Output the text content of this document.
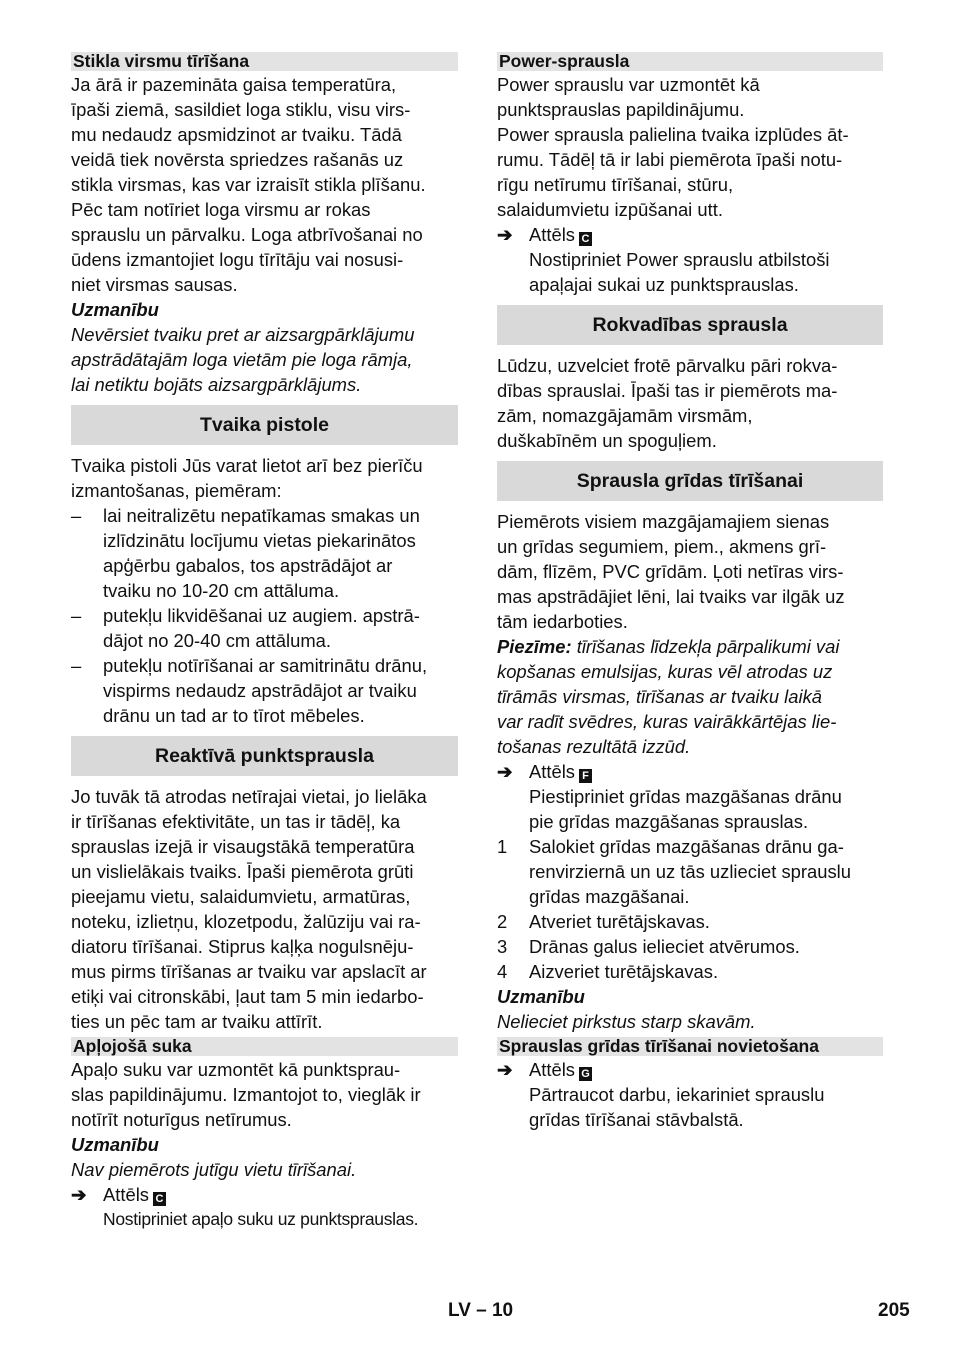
Stikla virsmu tīrīšana

Ja ārā ir pazemināta gaisa temperatūra,
īpaši ziemā, sasildiet loga stiklu, visu virs-
mu nedaudz apsmidzinot ar tvaiku. Tādā
veidā tiek novērsta spriedzes rašanās uz
stikla virsmas, kas var izraisīt stikla plīšanu.
Pēc tam notīriet loga virsmu ar rokas
sprauslu un pārvalku. Loga atbrīvošanai no
ūdens izmantojiet logu tīrītāju vai nosusi-
niet virsmas sausas.
Uzmanību
Nevērsiet tvaiku pret ar aizsargpārklājumu
apstrādātajām loga vietām pie loga rāmja,
lai netiktu bojāts aizsargpārklājums.
Tvaika pistole
Tvaika pistoli Jūs varat lietot arī bez pierīču
izmantošanas, piemēram:
–	lai neitralizētu nepatīkamas smakas un
izlīdzinātu locījumu vietas piekarinātos
apģērbu gabalos, tos apstrādājot ar
tvaiku no 10-20 cm attāluma.
–	putekļu likvidēšanai uz augiem. apstrā-
dājot no 20-40 cm attāluma.
–	putekļu notīrīšanai ar samitrinātu drānu,
vispirms nedaudz apstrādājot ar tvaiku
drānu un tad ar to tīrot mēbeles.
Reaktīvā punktsprausla
Jo tuvāk tā atrodas netīrajai vietai, jo lielāka
ir tīrīšanas efektivitāte, un tas ir tādēļ, ka
sprauslas izejā ir visaugstākā temperatūra
un vislielākais tvaiks. Īpaši piemērota grūti
pieejamu vietu, salaidumvietu, armatūras,
noteku, izlietņu, klozetpodu, žalūziju vai ra-
diatoru tīrīšanai. Stiprus kaļķa nogulsnēju-
mus pirms tīrīšanas ar tvaiku var apslacīt ar
etiķi vai citronskābi, ļaut tam 5 min iedarbo-
ties un pēc tam ar tvaiku attīrīt.

Apļojošā suka

Apaļo suku var uzmontēt kā punktsprau-
slas papildinājumu. Izmantojot to, vieglāk ir
notīrīt noturīgus netīrumus.
Uzmanību
Nav piemērots jutīgu vietu tīrīšanai.
➔ Attēls C
Nostipriniet apaļo suku uz punktsprauslas.

Power-sprausla

Power sprauslu var uzmontēt kā
punktsprauslas papildinājumu.
Power sprausla palielina tvaika izplūdes āt-
rumu. Tādēļ tā ir labi piemērota īpaši notu-
rīgu netīrumu tīrīšanai, stūru,
salaidumvietu izpūšanai utt.
➔ Attēls C
Nostipriniet Power sprauslu atbilstoši
apaļajai sukai uz punktsprauslas.
Rokvadības sprausla
Lūdzu, uzvelciet frotē pārvalku pāri rokva-
dības sprauslai. Īpaši tas ir piemērots ma-
zām, nomazgājamām virsmām,
duškabīnēm un spoguļiem.
Sprausla grīdas tīrīšanai
Piemērots visiem mazgājamajiem sienas
un grīdas segumiem, piem., akmens grī-
dām, flīzēm, PVC grīdām. Ļoti netīras virs-
mas apstrādājiet lēni, lai tvaiks var ilgāk uz
tām iedarboties.
Piezīme: tīrīšanas līdzekļa pārpalikumi vai
kopšanas emulsijas, kuras vēl atrodas uz
tīrāmās virsmas, tīrīšanas ar tvaiku laikā
var radīt svēdres, kuras vairākkārtējas lie-
tošanas rezultātā izzūd.
➔ Attēls F
Piestipriniet grīdas mazgāšanas drānu
pie grīdas mazgāšanas sprauslas.
1	Salokiet grīdas mazgāšanas drānu ga-
renvirziernā un uz tās uzlieciet sprauslu
grīdas mazgāšanai.
2	Atveriet turētājskavas.
3	Drānas galus ielieciet atvērumos.
4	Aizveriet turētājskavas.
Uzmanību
Nelieciet pirkstus starp skavām.

Sprauslas grīdas tīrīšanai novietošana

➔ Attēls G
Pārtraucot darbu, iekariniet sprauslu
grīdas tīrīšanai stāvbalstā.
LV – 10	205
